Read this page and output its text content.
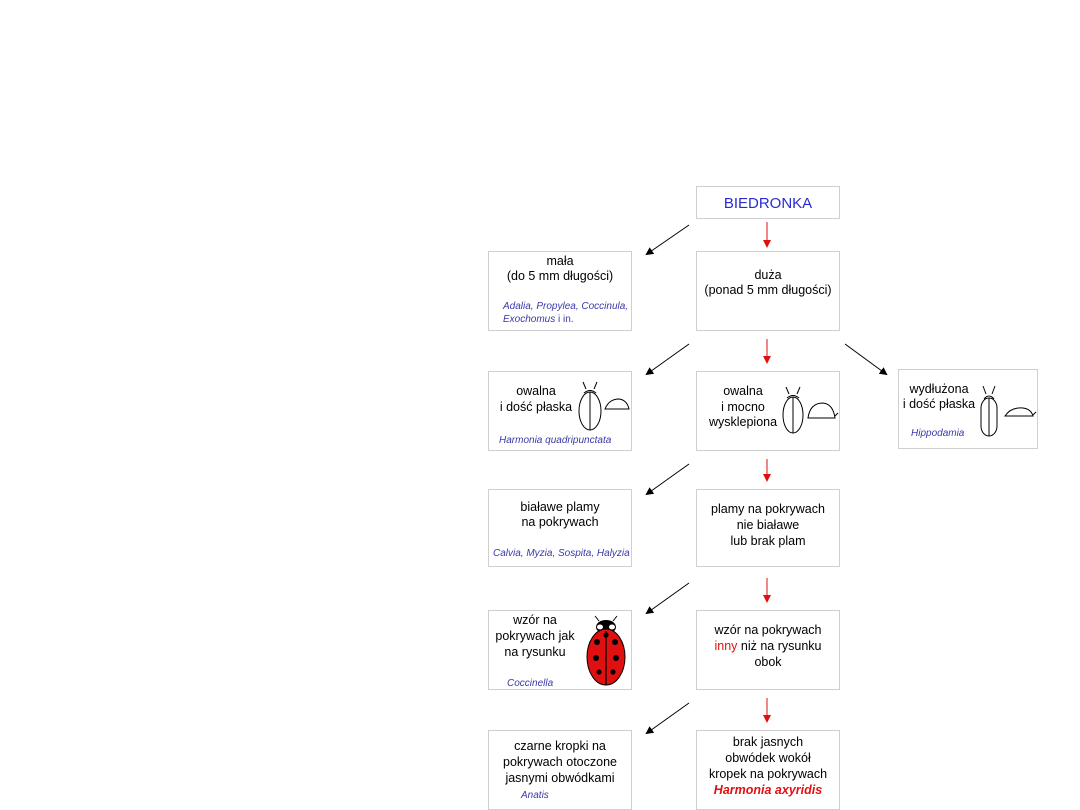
BIEDRONKA
mała
(do 5 mm długości)
Adalia, Propylea, Coccinula,
Exochomus i in.
duża
(ponad 5 mm długości)
owalna
i dość płaska
Harmonia quadripunctata
owalna
i mocno
wysklepiona
wydłużona
i dość płaska
Hippodamia
białawe plamy
na pokrywach
Calvia, Myzia, Sospita, Halyzia
plamy na pokrywach
nie białawe
lub brak plam
wzór na
pokrywach jak
na rysunku
Coccinella
wzór na pokrywach
inny niż na rysunku
obok
czarne kropki na
pokrywach otoczone
jasnymi obwódkami
Anatis
brak jasnych
obwódek wokół
kropek na pokrywach
Harmonia axyridis
